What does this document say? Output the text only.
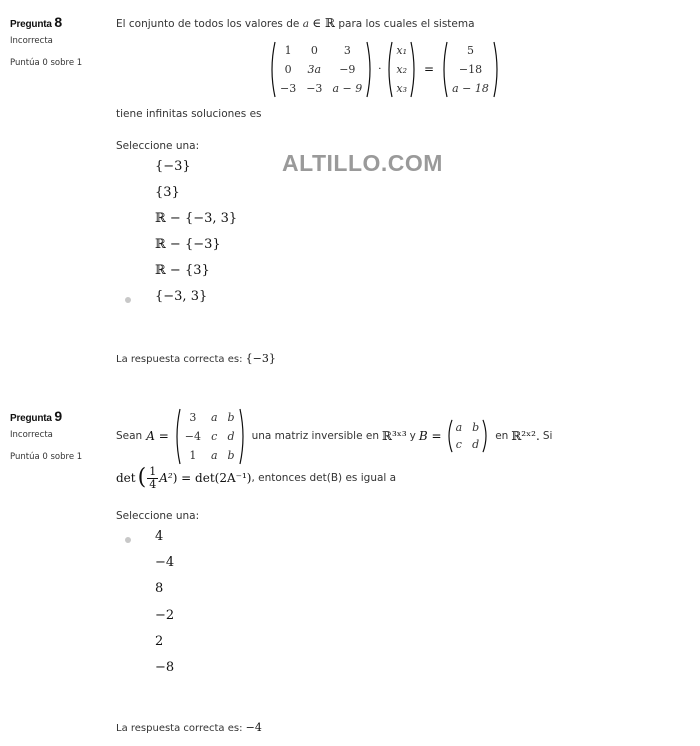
Pregunta 8
Incorrecta
Puntúa 0 sobre 1
El conjunto de todos los valores de a ∈ ℝ para los cuales el sistema
1	0	3
0	3a	−9
−3	−3	a − 9
·
x₁
x₂
x₃
=
5
−18
a − 18
tiene infinitas soluciones es
Seleccione una:
{−3}
{3}
ℝ − {−3, 3}
ℝ − {−3}
ℝ − {3}
{−3, 3}
ALTILLO.COM
La respuesta correcta es: {−3}
Pregunta 9
Incorrecta
Puntúa 0 sobre 1
Sean A =
3	a	b
−4	c	d
1	a	b
una matriz inversible en ℝ³ˣ³ y B =
a	b
c	d
en ℝ²ˣ². Si
det ( $\frac{1}{4} A^2$ ) = det(2A⁻¹) , entonces det(B) es igual a
Seleccione una:
4
−4
8
−2
2
−8
La respuesta correcta es: −4
